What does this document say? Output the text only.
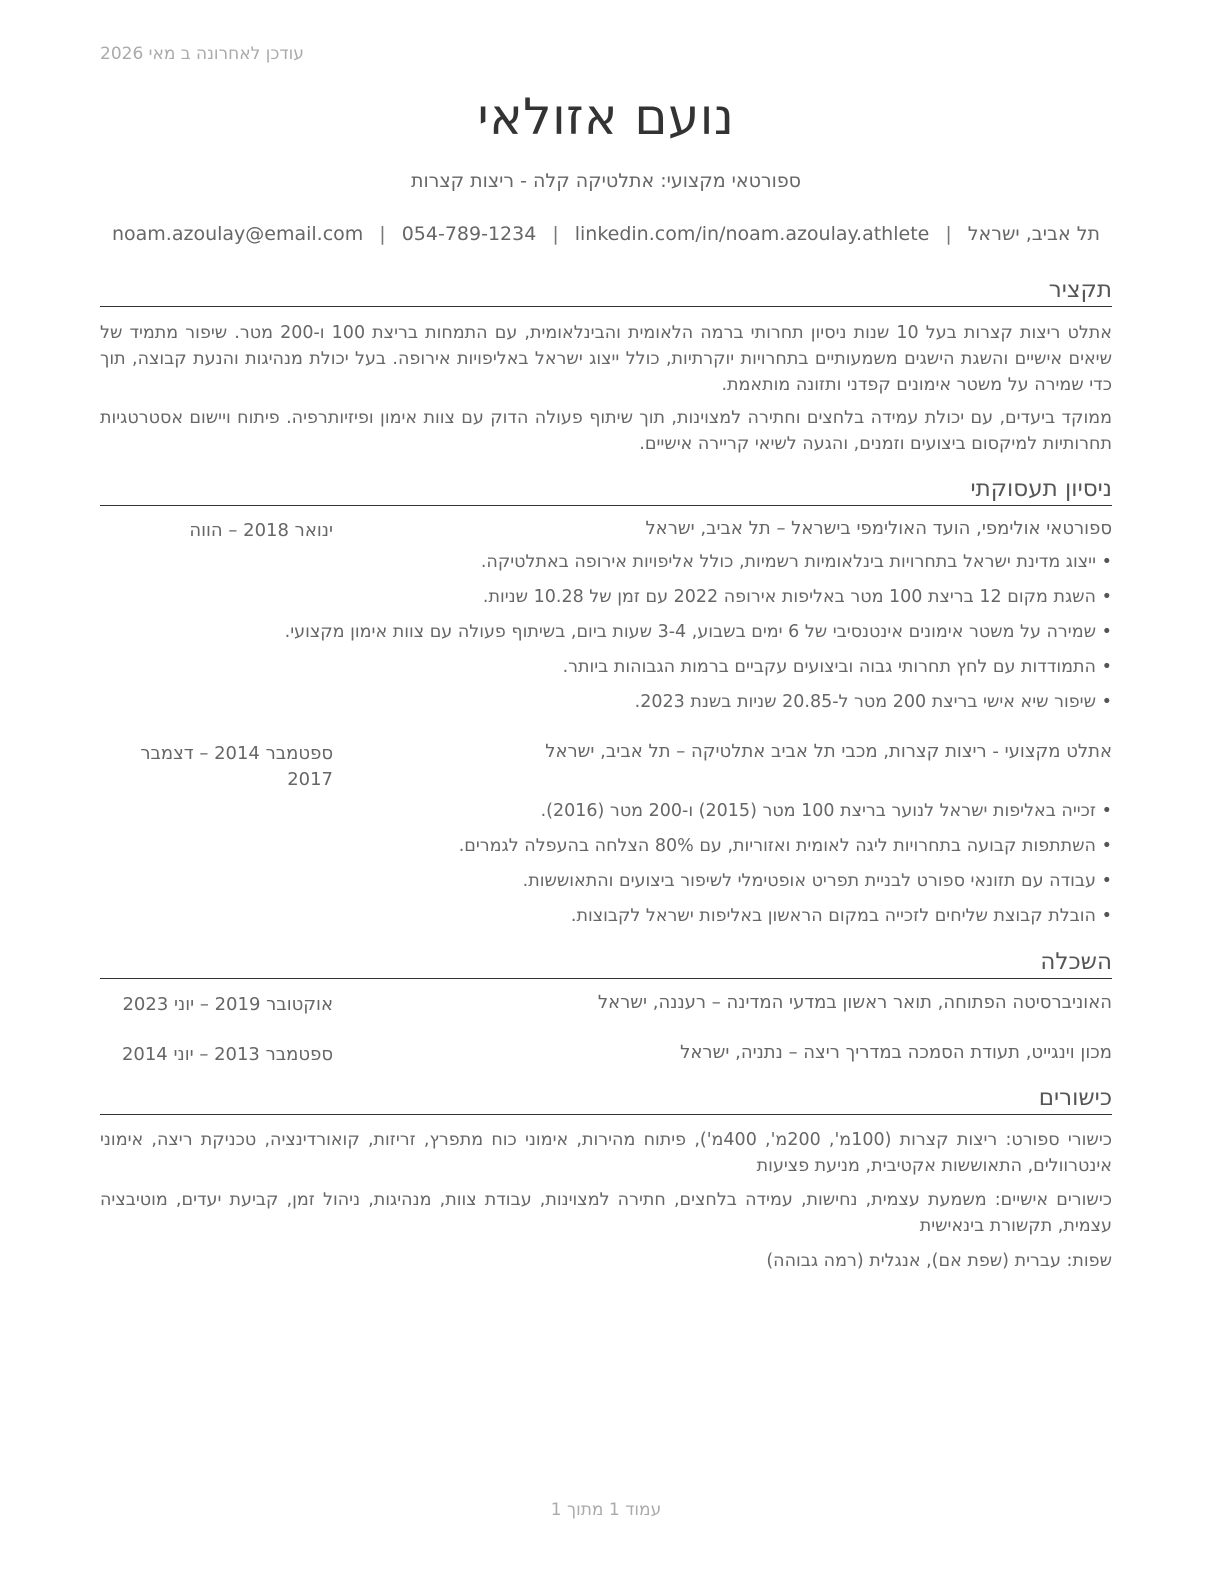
עודכן לאחרונה ב מאי 2026
נועם אזולאי
ספורטאי מקצועי: אתלטיקה קלה - ריצות קצרות
תל אביב, ישראל|noam.azoulay@email.com | 054-789-1234 | linkedin.com/in/noam.azoulay.athlete
תקציר
אתלט ריצות קצרות בעל 10 שנות ניסיון תחרותי ברמה הלאומית והבינלאומית, עם התמחות בריצת 100 ו-200 מטר. שיפור מתמיד של שיאים אישיים והשגת הישגים משמעותיים בתחרויות יוקרתיות, כולל ייצוג ישראל באליפויות אירופה. בעל יכולת מנהיגות והנעת קבוצה, תוך כדי שמירה על משטר אימונים קפדני ותזונה מותאמת.
ממוקד ביעדים, עם יכולת עמידה בלחצים וחתירה למצוינות, תוך שיתוף פעולה הדוק עם צוות אימון ופיזיותרפיה. פיתוח ויישום אסטרטגיות תחרותיות למיקסום ביצועים וזמנים, והגעה לשיאי קריירה אישיים.
ניסיון תעסוקתי
ספורטאי אולימפי, הועד האולימפי בישראל – תל אביב, ישראל
ינואר 2018 – הווה
• ייצוג מדינת ישראל בתחרויות בינלאומיות רשמיות, כולל אליפויות אירופה באתלטיקה.
• השגת מקום 12 בריצת 100 מטר באליפות אירופה 2022 עם זמן של 10.28 שניות.
• שמירה על משטר אימונים אינטנסיבי של 6 ימים בשבוע, 3-4 שעות ביום, בשיתוף פעולה עם צוות אימון מקצועי.
• התמודדות עם לחץ תחרותי גבוה וביצועים עקביים ברמות הגבוהות ביותר.
• שיפור שיא אישי בריצת 200 מטר ל-20.85 שניות בשנת 2023.
אתלט מקצועי - ריצות קצרות, מכבי תל אביב אתלטיקה – תל אביב, ישראל
ספטמבר 2014 – דצמבר 2017
• זכייה באליפות ישראל לנוער בריצת 100 מטר (2015) ו-200 מטר (2016).
• השתתפות קבועה בתחרויות ליגה לאומית ואזוריות, עם 80% הצלחה בהעפלה לגמרים.
• עבודה עם תזונאי ספורט לבניית תפריט אופטימלי לשיפור ביצועים והתאוששות.
• הובלת קבוצת שליחים לזכייה במקום הראשון באליפות ישראל לקבוצות.
השכלה
האוניברסיטה הפתוחה, תואר ראשון במדעי המדינה – רעננה, ישראל
אוקטובר 2019 – יוני 2023
מכון וינגייט, תעודת הסמכה במדריך ריצה – נתניה, ישראל
ספטמבר 2013 – יוני 2014
כישורים
כישורי ספורט: ריצות קצרות (100מ', 200מ', 400מ'), פיתוח מהירות, אימוני כוח מתפרץ, זריזות, קואורדינציה, טכניקת ריצה, אימוני אינטרוולים, התאוששות אקטיבית, מניעת פציעות
כישורים אישיים: משמעת עצמית, נחישות, עמידה בלחצים, חתירה למצוינות, עבודת צוות, מנהיגות, ניהול זמן, קביעת יעדים, מוטיבציה עצמית, תקשורת בינאישית
שפות: עברית (שפת אם), אנגלית (רמה גבוהה)
עמוד 1 מתוך 1
